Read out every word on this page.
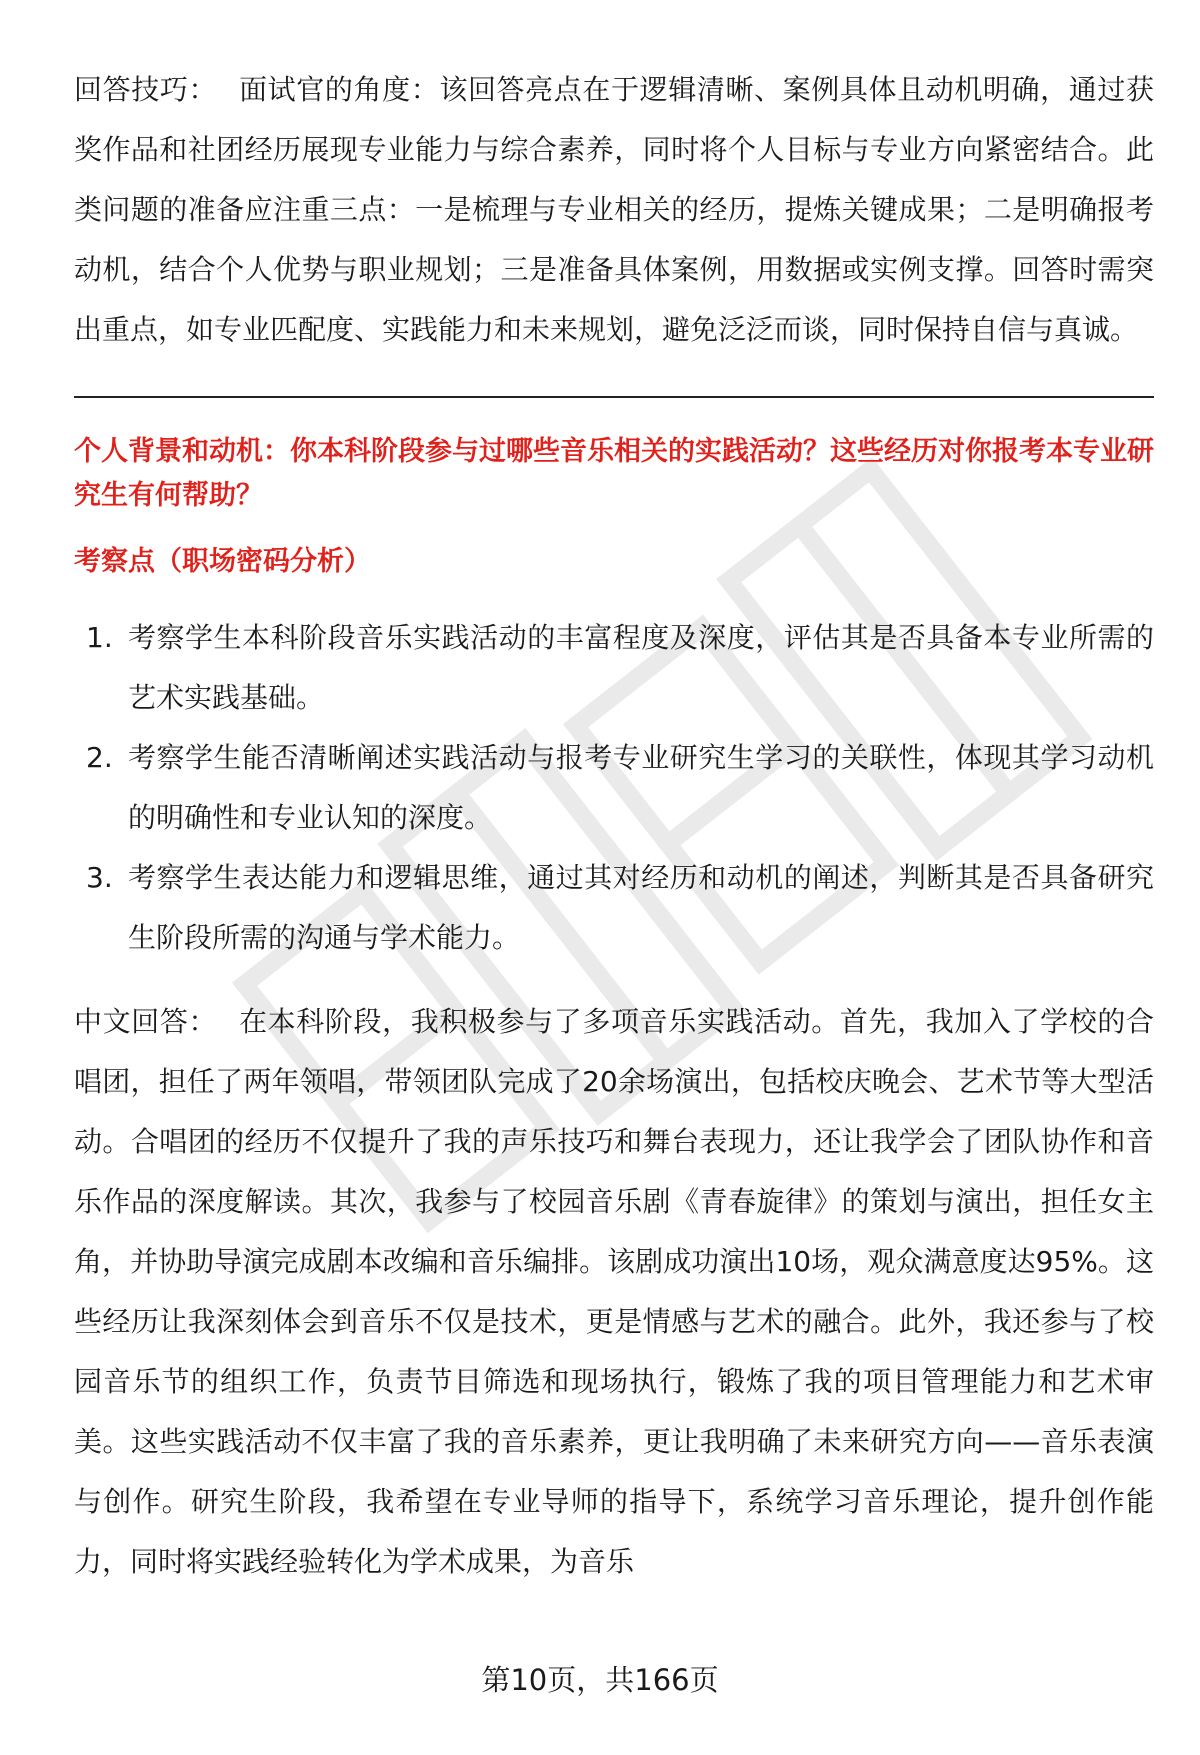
回答技巧： 面试官的角度：该回答亮点在于逻辑清晰、案例具体且动机明确，通过获奖作品和社团经历展现专业能力与综合素养，同时将个人目标与专业方向紧密结合。此类问题的准备应注重三点：一是梳理与专业相关的经历，提炼关键成果；二是明确报考动机，结合个人优势与职业规划；三是准备具体案例，用数据或实例支撑。回答时需突出重点，如专业匹配度、实践能力和未来规划，避免泛泛而谈，同时保持自信与真诚。

个人背景和动机：你本科阶段参与过哪些音乐相关的实践活动？这些经历对你报考本专业研究生有何帮助？

考察点（职场密码分析）

1. 考察学生本科阶段音乐实践活动的丰富程度及深度，评估其是否具备本专业所需的艺术实践基础。
2. 考察学生能否清晰阐述实践活动与报考专业研究生学习的关联性，体现其学习动机的明确性和专业认知的深度。
3. 考察学生表达能力和逻辑思维，通过其对经历和动机的阐述，判断其是否具备研究生阶段所需的沟通与学术能力。

中文回答： 在本科阶段，我积极参与了多项音乐实践活动。首先，我加入了学校的合唱团，担任了两年领唱，带领团队完成了20余场演出，包括校庆晚会、艺术节等大型活动。合唱团的经历不仅提升了我的声乐技巧和舞台表现力，还让我学会了团队协作和音乐作品的深度解读。其次，我参与了校园音乐剧《青春旋律》的策划与演出，担任女主角，并协助导演完成剧本改编和音乐编排。该剧成功演出10场，观众满意度达95%。这些经历让我深刻体会到音乐不仅是技术，更是情感与艺术的融合。此外，我还参与了校园音乐节的组织工作，负责节目筛选和现场执行，锻炼了我的项目管理能力和艺术审美。这些实践活动不仅丰富了我的音乐素养，更让我明确了未来研究方向——音乐表演与创作。研究生阶段，我希望在专业导师的指导下，系统学习音乐理论，提升创作能力，同时将实践经验转化为学术成果，为音乐

第10页，共166页
